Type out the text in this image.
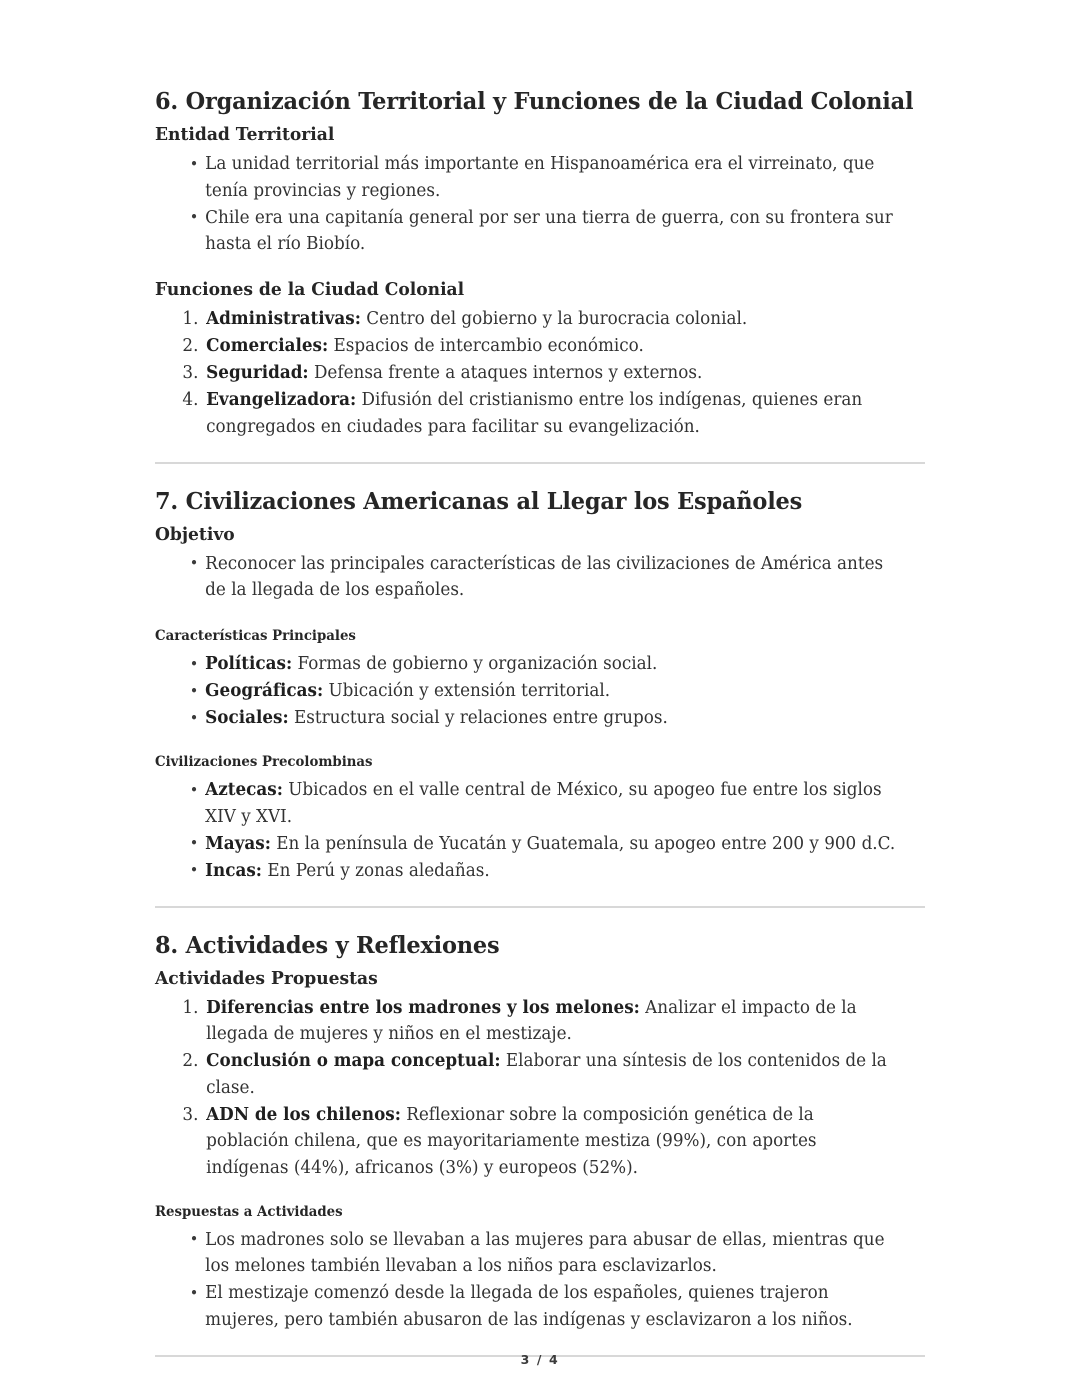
6. Organización Territorial y Funciones de la Ciudad Colonial
Entidad Territorial
• La unidad territorial más importante en Hispanoamérica era el virreinato, que tenía provincias y regiones.
• Chile era una capitanía general por ser una tierra de guerra, con su frontera sur hasta el río Biobío.
Funciones de la Ciudad Colonial
Administrativas: Centro del gobierno y la burocracia colonial.
Comerciales: Espacios de intercambio económico.
Seguridad: Defensa frente a ataques internos y externos.
Evangelizadora: Difusión del cristianismo entre los indígenas, quienes eran congregados en ciudades para facilitar su evangelización.
7. Civilizaciones Americanas al Llegar los Españoles
Objetivo
• Reconocer las principales características de las civilizaciones de América antes de la llegada de los españoles.
Características Principales
• Políticas: Formas de gobierno y organización social.
• Geográficas: Ubicación y extensión territorial.
• Sociales: Estructura social y relaciones entre grupos.
Civilizaciones Precolombinas
• Aztecas: Ubicados en el valle central de México, su apogeo fue entre los siglos XIV y XVI.
• Mayas: En la península de Yucatán y Guatemala, su apogeo entre 200 y 900 d.C.
• Incas: En Perú y zonas aledañas.
8. Actividades y Reflexiones
Actividades Propuestas
Diferencias entre los madrones y los melones: Analizar el impacto de la llegada de mujeres y niños en el mestizaje.
Conclusión o mapa conceptual: Elaborar una síntesis de los contenidos de la clase.
ADN de los chilenos: Reflexionar sobre la composición genética de la población chilena, que es mayoritariamente mestiza (99%), con aportes indígenas (44%), africanos (3%) y europeos (52%).
Respuestas a Actividades
• Los madrones solo se llevaban a las mujeres para abusar de ellas, mientras que los melones también llevaban a los niños para esclavizarlos.
• El mestizaje comenzó desde la llegada de los españoles, quienes trajeron mujeres, pero también abusaron de las indígenas y esclavizaron a los niños.
3 / 4
